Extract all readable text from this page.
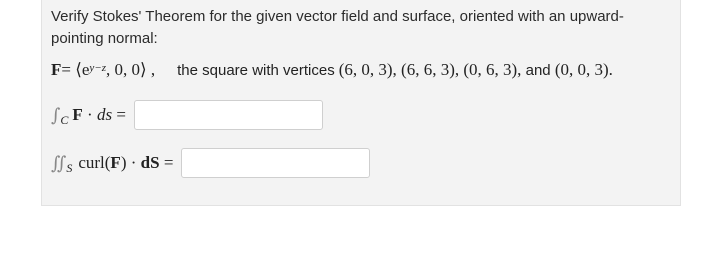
Verify Stokes' Theorem for the given vector field and surface, oriented with an upward-pointing normal:
$F = ⟨e^{y-z}$ , 0, 0⟩ , the square with vertices (6, 0, 3), (6, 6, 3), (0, 6, 3), and (0, 0, 3).
∫ C F · ds =
∬ S curl( F ) · dS =
